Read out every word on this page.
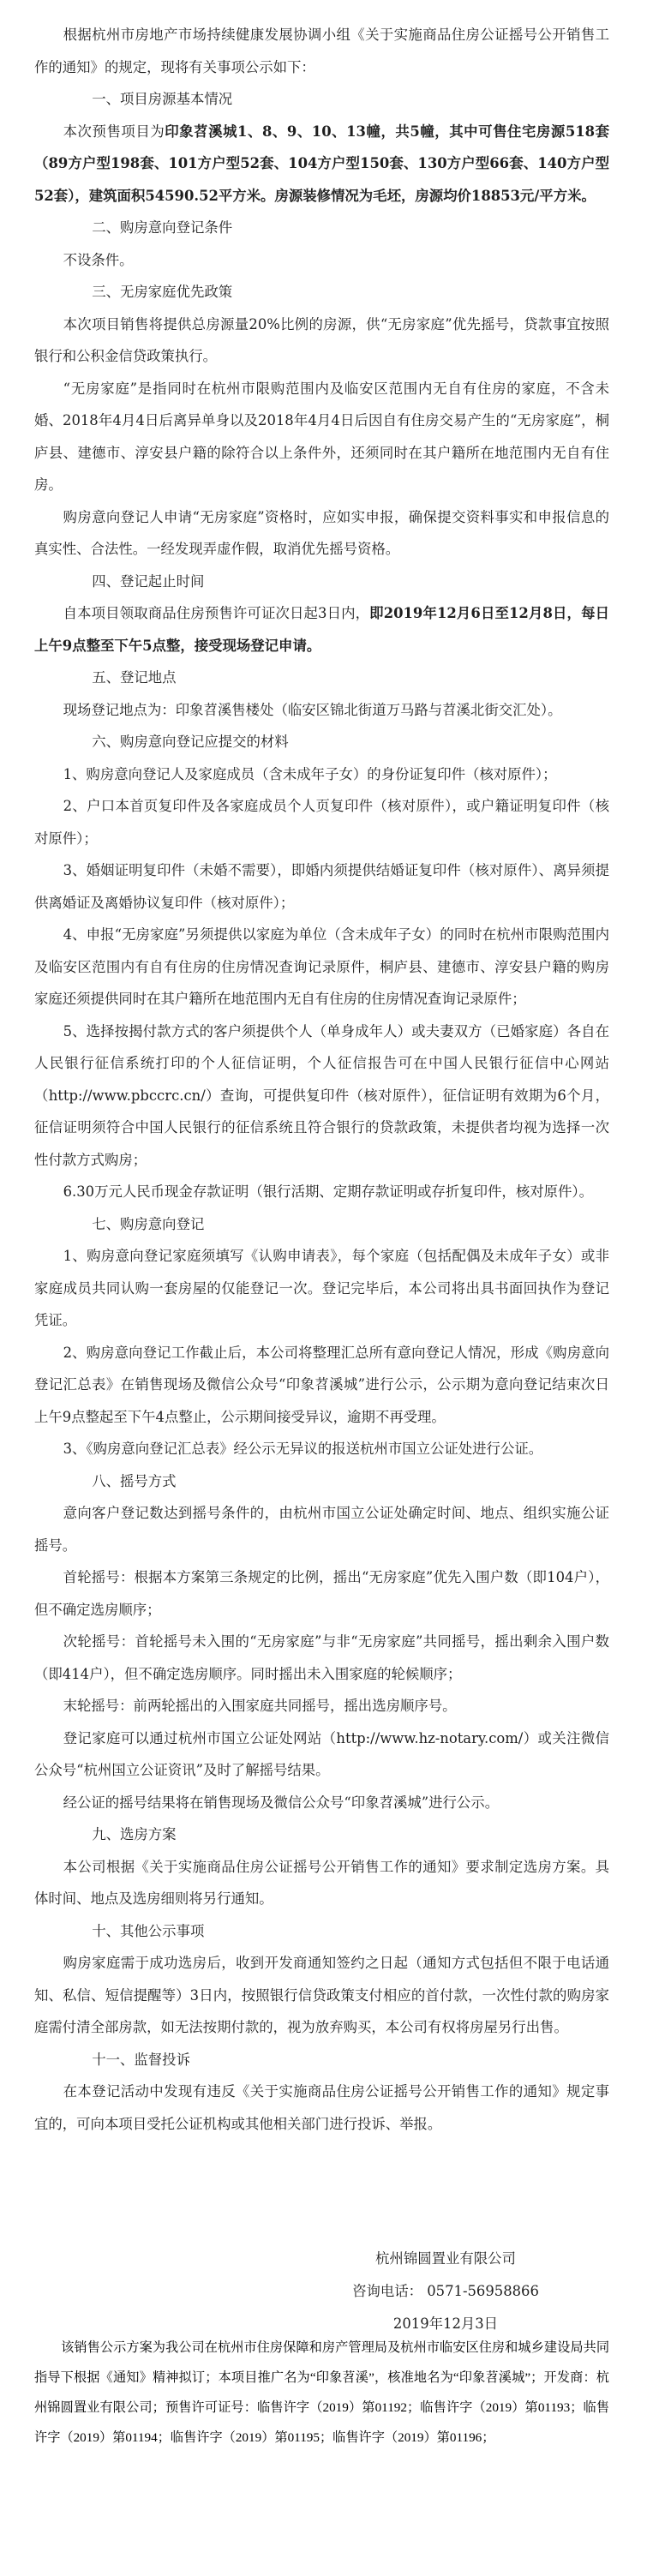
根据杭州市房地产市场持续健康发展协调小组《关于实施商品住房公证摇号公开销售工作的通知》的规定，现将有关事项公示如下：

一、项目房源基本情况

本次预售项目为印象苕溪城1、8、9、10、13幢，共5幢，其中可售住宅房源518套（89方户型198套、101方户型52套、104方户型150套、130方户型66套、140方户型52套），建筑面积54590.52平方米。房源装修情况为毛坯，房源均价18853元/平方米。

二、购房意向登记条件

不设条件。

三、无房家庭优先政策

本次项目销售将提供总房源量20%比例的房源，供“无房家庭”优先摇号，贷款事宜按照银行和公积金信贷政策执行。

“无房家庭”是指同时在杭州市限购范围内及临安区范围内无自有住房的家庭，不含未婚、2018年4月4日后离异单身以及2018年4月4日后因自有住房交易产生的“无房家庭”，桐庐县、建德市、淳安县户籍的除符合以上条件外，还须同时在其户籍所在地范围内无自有住房。

购房意向登记人申请“无房家庭”资格时，应如实申报，确保提交资料事实和申报信息的真实性、合法性。一经发现弄虚作假，取消优先摇号资格。

四、登记起止时间

自本项目领取商品住房预售许可证次日起3日内，即2019年12月6日至12月8日，每日上午9点整至下午5点整，接受现场登记申请。

五、登记地点

现场登记地点为：印象苕溪售楼处（临安区锦北街道万马路与苕溪北街交汇处）。

六、购房意向登记应提交的材料

1、购房意向登记人及家庭成员（含未成年子女）的身份证复印件（核对原件）；

2、户口本首页复印件及各家庭成员个人页复印件（核对原件），或户籍证明复印件（核对原件）；

3、婚姻证明复印件（未婚不需要），即婚内须提供结婚证复印件（核对原件）、离异须提供离婚证及离婚协议复印件（核对原件）；

4、申报“无房家庭”另须提供以家庭为单位（含未成年子女）的同时在杭州市限购范围内及临安区范围内有自有住房的住房情况查询记录原件，桐庐县、建德市、淳安县户籍的购房家庭还须提供同时在其户籍所在地范围内无自有住房的住房情况查询记录原件；

5、选择按揭付款方式的客户须提供个人（单身成年人）或夫妻双方（已婚家庭）各自在人民银行征信系统打印的个人征信证明，个人征信报告可在中国人民银行征信中心网站（http://www.pbccrc.cn/）查询，可提供复印件（核对原件），征信证明有效期为6个月，征信证明须符合中国人民银行的征信系统且符合银行的贷款政策，未提供者均视为选择一次性付款方式购房；

6.30万元人民币现金存款证明（银行活期、定期存款证明或存折复印件，核对原件）。

七、购房意向登记

1、购房意向登记家庭须填写《认购申请表》，每个家庭（包括配偶及未成年子女）或非家庭成员共同认购一套房屋的仅能登记一次。登记完毕后，本公司将出具书面回执作为登记凭证。

2、购房意向登记工作截止后，本公司将整理汇总所有意向登记人情况，形成《购房意向登记汇总表》在销售现场及微信公众号“印象苕溪城”进行公示，公示期为意向登记结束次日上午9点整起至下午4点整止，公示期间接受异议，逾期不再受理。

3、《购房意向登记汇总表》经公示无异议的报送杭州市国立公证处进行公证。

八、摇号方式

意向客户登记数达到摇号条件的，由杭州市国立公证处确定时间、地点、组织实施公证摇号。

首轮摇号：根据本方案第三条规定的比例，摇出“无房家庭”优先入围户数（即104户），但不确定选房顺序；

次轮摇号：首轮摇号未入围的“无房家庭”与非“无房家庭”共同摇号，摇出剩余入围户数（即414户），但不确定选房顺序。同时摇出未入围家庭的轮候顺序；

末轮摇号：前两轮摇出的入围家庭共同摇号，摇出选房顺序号。

登记家庭可以通过杭州市国立公证处网站（http://www.hz-notary.com/）或关注微信公众号“杭州国立公证资讯”及时了解摇号结果。

经公证的摇号结果将在销售现场及微信公众号“印象苕溪城”进行公示。

九、选房方案

本公司根据《关于实施商品住房公证摇号公开销售工作的通知》要求制定选房方案。具体时间、地点及选房细则将另行通知。

十、其他公示事项

购房家庭需于成功选房后，收到开发商通知签约之日起（通知方式包括但不限于电话通知、私信、短信提醒等）3日内，按照银行信贷政策支付相应的首付款，一次性付款的购房家庭需付清全部房款，如无法按期付款的，视为放弃购买，本公司有权将房屋另行出售。

十一、监督投诉

在本登记活动中发现有违反《关于实施商品住房公证摇号公开销售工作的通知》规定事宜的，可向本项目受托公证机构或其他相关部门进行投诉、举报。

杭州锦圆置业有限公司

咨询电话： 0571-56958866

2019年12月3日

该销售公示方案为我公司在杭州市住房保障和房产管理局及杭州市临安区住房和城乡建设局共同指导下根据《通知》精神拟订；本项目推广名为“印象苕溪”，核准地名为“印象苕溪城”；开发商：杭州锦圆置业有限公司；预售许可证号：临售许字（2019）第01192；临售许字（2019）第01193；临售许字（2019）第01194；临售许字（2019）第01195；临售许字（2019）第01196；
